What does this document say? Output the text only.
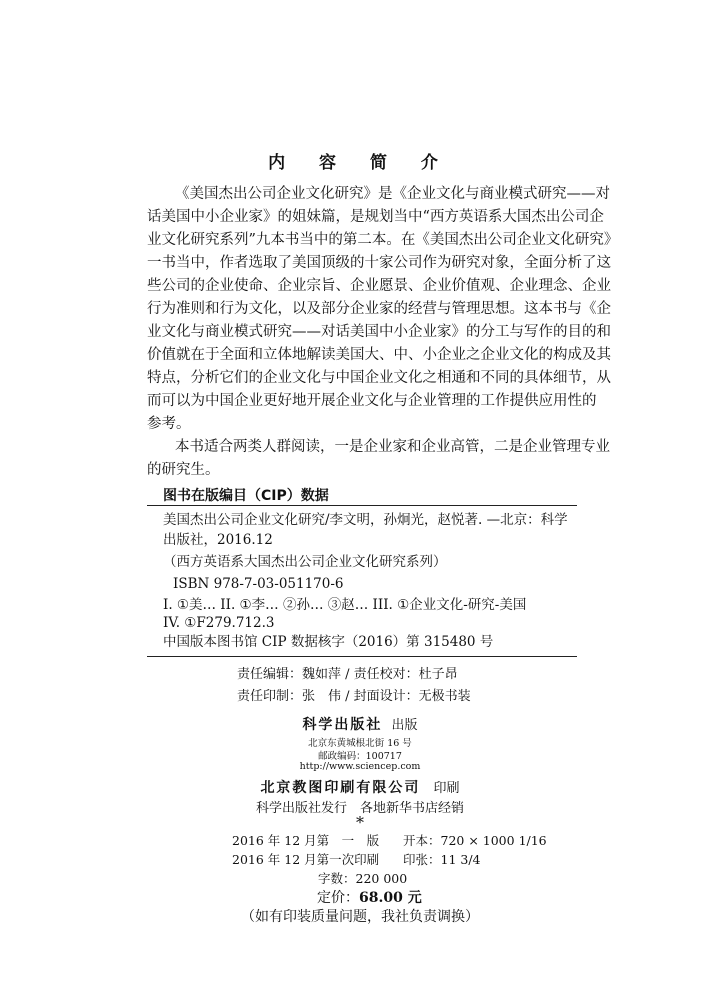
内 容 简 介
《美国杰出公司企业文化研究》是《企业文化与商业模式研究——对
话美国中小企业家》的姐妹篇，是规划当中“西方英语系大国杰出公司企
业文化研究系列”九本书当中的第二本。在《美国杰出公司企业文化研究》
一书当中，作者选取了美国顶级的十家公司作为研究对象，全面分析了这
些公司的企业使命、企业宗旨、企业愿景、企业价值观、企业理念、企业
行为准则和行为文化，以及部分企业家的经营与管理思想。这本书与《企
业文化与商业模式研究——对话美国中小企业家》的分工与写作的目的和
价值就在于全面和立体地解读美国大、中、小企业之企业文化的构成及其
特点，分析它们的企业文化与中国企业文化之相通和不同的具体细节，从
而可以为中国企业更好地开展企业文化与企业管理的工作提供应用性的
参考。
本书适合两类人群阅读，一是企业家和企业高管，二是企业管理专业
的研究生。
图书在版编目（CIP）数据
美国杰出公司企业文化研究/李文明，孙炯光，赵悦著. —北京：科学
出版社，2016.12
（西方英语系大国杰出公司企业文化研究系列）
ISBN 978-7-03-051170-6
I. ①美… II. ①李… ②孙… ③赵… III. ①企业文化-研究-美国
IV. ①F279.712.3
中国版本图书馆 CIP 数据核字（2016）第 315480 号
责任编辑：魏如萍 / 责任校对：杜子昂
责任印制：张　伟 / 封面设计：无极书装
科学出版社 出版
北京东黄城根北街 16 号
邮政编码：100717
http://www.sciencep.com
北京教图印刷有限公司 印刷
科学出版社发行　各地新华书店经销
*
2016 年 12 月第　一　版 开本：720 × 1000 1/16
2016 年 12 月第一次印刷 印张：11 3/4
字数：220 000
定价：68.00 元
（如有印装质量问题，我社负责调换）
